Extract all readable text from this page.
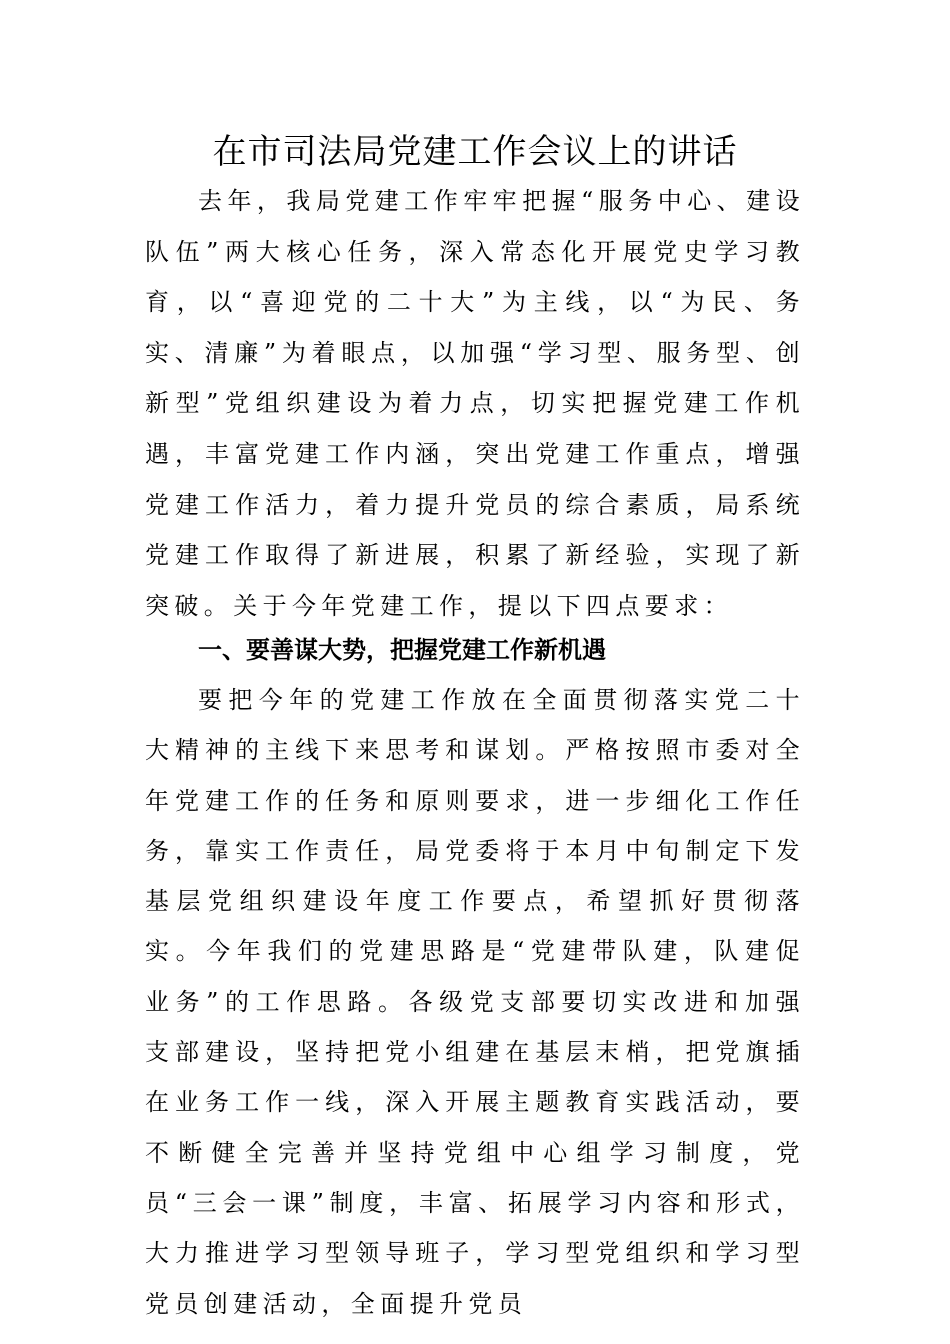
在市司法局党建工作会议上的讲话

去年，我局党建工作牢牢把握“服务中心、建设队伍”两大核心任务，深入常态化开展党史学习教育，以“喜迎党的二十大”为主线，以“为民、务实、清廉”为着眼点，以加强“学习型、服务型、创新型”党组织建设为着力点，切实把握党建工作机遇，丰富党建工作内涵，突出党建工作重点，增强党建工作活力，着力提升党员的综合素质，局系统党建工作取得了新进展，积累了新经验，实现了新突破。关于今年党建工作，提以下四点要求：

一、要善谋大势，把握党建工作新机遇

要把今年的党建工作放在全面贯彻落实党二十大精神的主线下来思考和谋划。严格按照市委对全年党建工作的任务和原则要求，进一步细化工作任务，靠实工作责任，局党委将于本月中旬制定下发基层党组织建设年度工作要点，希望抓好贯彻落实。今年我们的党建思路是“党建带队建，队建促业务”的工作思路。各级党支部要切实改进和加强支部建设，坚持把党小组建在基层末梢，把党旗插在业务工作一线，深入开展主题教育实践活动，要不断健全完善并坚持党组中心组学习制度，党员“三会一课”制度，丰富、拓展学习内容和形式，大力推进学习型领导班子，学习型党组织和学习型党员创建活动，全面提升党员
